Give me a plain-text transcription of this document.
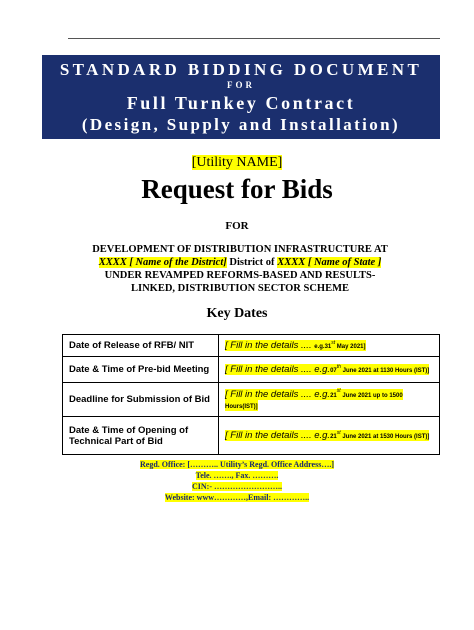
STANDARD BIDDING DOCUMENT
FOR
Full Turnkey Contract
(Design, Supply and Installation)
[Utility NAME]
Request for Bids
FOR
DEVELOPMENT OF DISTRIBUTION INFRASTRUCTURE AT XXXX [ Name of the District] District of XXXX [ Name of State ] UNDER REVAMPED REFORMS-BASED AND RESULTS-LINKED, DISTRIBUTION SECTOR SCHEME
Key Dates
Date of Release of RFB/ NIT	[ Fill in the details .... e.g.31st May 2021]
Date & Time of Pre-bid Meeting	[ Fill in the details .... e.g.07th June 2021 at 1130 Hours (IST)]
Deadline for Submission of Bid	[ Fill in the details .... e.g.21st June 2021 up to 1500 Hours(IST)]
Date & Time of Opening of Technical Part of Bid	[ Fill in the details .... e.g.21st June 2021 at 1530 Hours (IST)]
Regd. Office: [……….. Utility’s Regd. Office Address….]
Tele. ……., Fax. ……….
CIN:- ……………………..
Website: www…………,Email: …………..
